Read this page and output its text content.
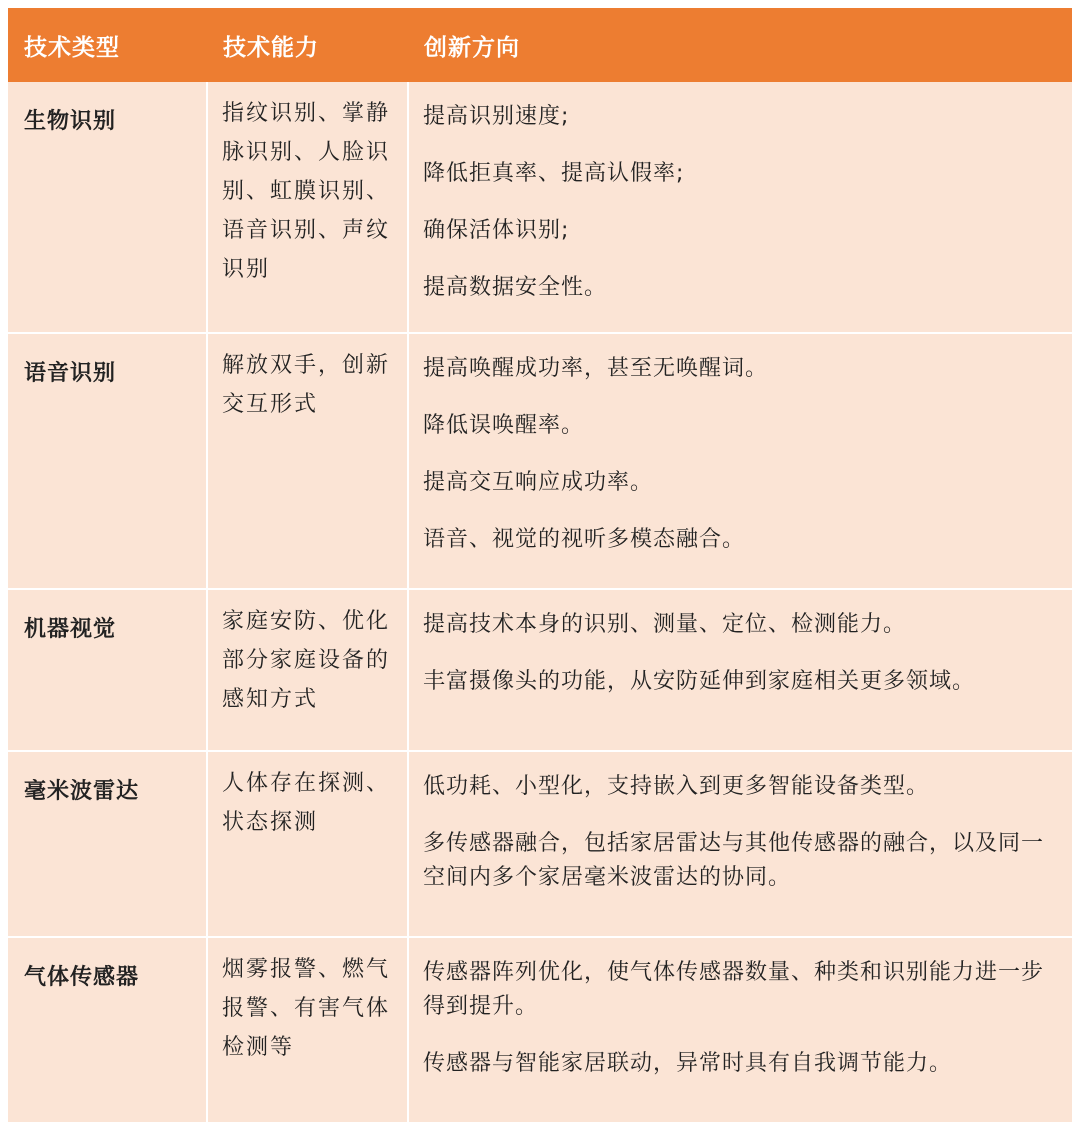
技术类型	技术能力	创新方向
生物识别	指纹识别、掌静脉识别、人脸识别、虹膜识别、语音识别、声纹识别	提高识别速度;

降低拒真率、提高认假率;

确保活体识别;

提高数据安全性。

语音识别	解放双手，创新交互形式	提高唤醒成功率，甚至无唤醒词。

降低误唤醒率。

提高交互响应成功率。

语音、视觉的视听多模态融合。

机器视觉	家庭安防、优化部分家庭设备的感知方式	提高技术本身的识别、测量、定位、检测能力。

丰富摄像头的功能，从安防延伸到家庭相关更多领域。

毫米波雷达	人体存在探测、状态探测	低功耗、小型化，支持嵌入到更多智能设备类型。

多传感器融合，包括家居雷达与其他传感器的融合，以及同一空间内多个家居毫米波雷达的协同。

气体传感器	烟雾报警、燃气报警、有害气体检测等	传感器阵列优化，使气体传感器数量、种类和识别能力进一步得到提升。

传感器与智能家居联动，异常时具有自我调节能力。
